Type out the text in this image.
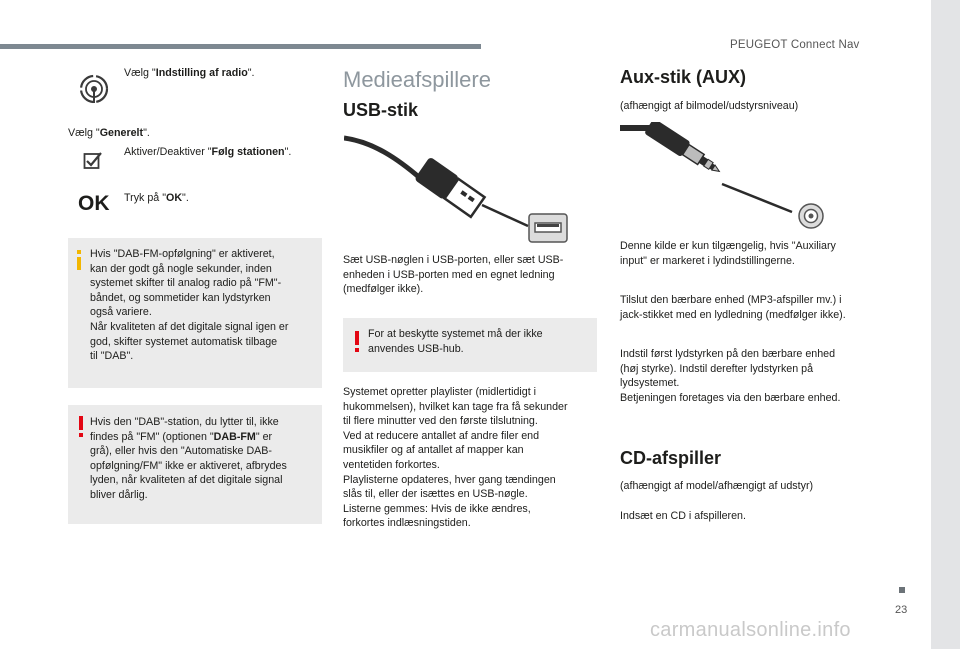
PEUGEOT Connect Nav
23
carmanualsonline.info
Vælg "Indstilling af radio".
Vælg "Generelt".
Aktiver/Deaktiver "Følg stationen".
OK Tryk på "OK".
Hvis "DAB-FM-opfølgning" er aktiveret,
kan der godt gå nogle sekunder, inden
systemet skifter til analog radio på "FM"-
båndet, og sommetider kan lydstyrken
også variere.
Når kvaliteten af det digitale signal igen er
god, skifter systemet automatisk tilbage
til "DAB".
Hvis den "DAB"-station, du lytter til, ikke
findes på "FM" (optionen "DAB-FM" er
grå), eller hvis den "Automatiske DAB-
opfølgning/FM" ikke er aktiveret, afbrydes
lyden, når kvaliteten af det digitale signal
bliver dårlig.
Medieafspillere
USB-stik
Sæt USB-nøglen i USB-porten, eller sæt USB-
enheden i USB-porten med en egnet ledning
(medfølger ikke).
For at beskytte systemet må der ikke
anvendes USB-hub.
Systemet opretter playlister (midlertidigt i
hukommelsen), hvilket kan tage fra få sekunder
til flere minutter ved den første tilslutning.
Ved at reducere antallet af andre filer end
musikfiler og af antallet af mapper kan
ventetiden forkortes.
Playlisterne opdateres, hver gang tændingen
slås til, eller der isættes en USB-nøgle.
Listerne gemmes: Hvis de ikke ændres,
forkortes indlæsningstiden.
Aux-stik (AUX)
(afhængigt af bilmodel/udstyrsniveau)
Denne kilde er kun tilgængelig, hvis "Auxiliary
input" er markeret i lydindstillingerne.
Tilslut den bærbare enhed (MP3-afspiller mv.) i
jack-stikket med en lydledning (medfølger ikke).
Indstil først lydstyrken på den bærbare enhed
(høj styrke). Indstil derefter lydstyrken på
lydsystemet.
Betjeningen foretages via den bærbare enhed.
CD-afspiller
(afhængigt af model/afhængigt af udstyr)
Indsæt en CD i afspilleren.
